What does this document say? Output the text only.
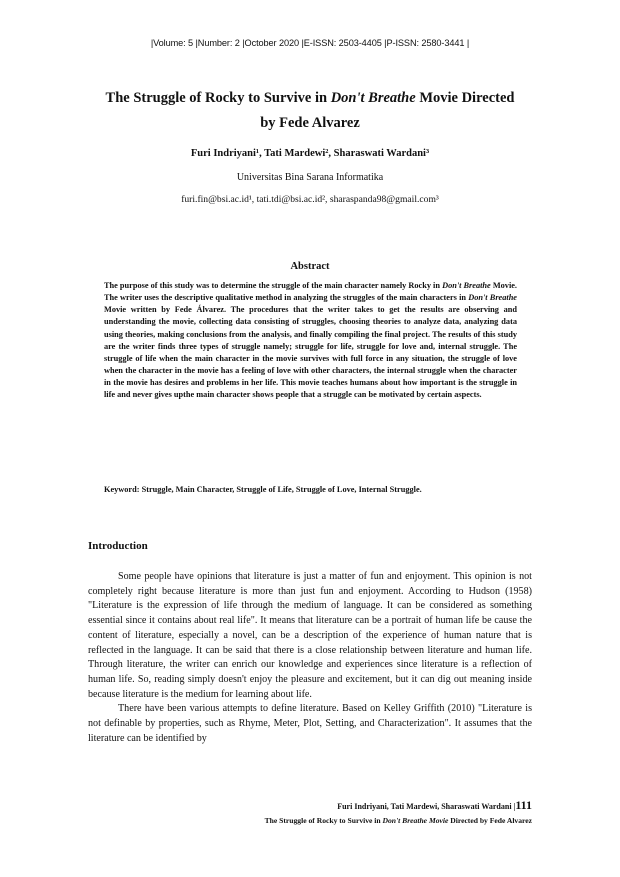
|Volume: 5 |Number: 2 |October 2020 |E-ISSN: 2503-4405 |P-ISSN: 2580-3441 |
The Struggle of Rocky to Survive in Don't Breathe Movie Directed
by Fede Alvarez
Furi Indriyani¹, Tati Mardewi², Sharaswati Wardani³
Universitas Bina Sarana Informatika
furi.fin@bsi.ac.id¹, tati.tdi@bsi.ac.id², sharaspanda98@gmail.com³
Abstract
The purpose of this study was to determine the struggle of the main character namely Rocky in Don't Breathe Movie. The writer uses the descriptive qualitative method in analyzing the struggles of the main characters in Don't Breathe Movie written by Fede Álvarez. The procedures that the writer takes to get the results are observing and understanding the movie, collecting data consisting of struggles, choosing theories to analyze data, analyzing data using theories, making conclusions from the analysis, and finally compiling the final project. The results of this study are the writer finds three types of struggle namely; struggle for life, struggle for love and, internal struggle. The struggle of life when the main character in the movie survives with full force in any situation, the struggle of love when the character in the movie has a feeling of love with other characters, the internal struggle when the character in the movie has desires and problems in her life. This movie teaches humans about how important is the struggle in life and never gives upthe main character shows people that a struggle can be motivated by certain aspects.
Keyword: Struggle, Main Character, Struggle of Life, Struggle of Love, Internal Struggle.
Introduction

Some people have opinions that literature is just a matter of fun and enjoyment. This opinion is not completely right because literature is more than just fun and enjoyment. According to Hudson (1958) "Literature is the expression of life through the medium of language. It can be considered as something essential since it contains about real life". It means that literature can be a portrait of human life be cause the content of literature, especially a novel, can be a description of the experience of human nature that is reflected in the language. It can be said that there is a close relationship between literature and human life. Through literature, the writer can enrich our knowledge and experiences since literature is a reflection of human life. So, reading simply doesn't enjoy the pleasure and excitement, but it can dig out meaning inside because literature is the medium for learning about life.

There have been various attempts to define literature. Based on Kelley Griffith (2010) "Literature is not definable by properties, such as Rhyme, Meter, Plot, Setting, and Characterization". It assumes that the literature can be identified by

Furi Indriyani, Tati Mardewi, Sharaswati Wardani |111
The Struggle of Rocky to Survive in Don't Breathe Movie Directed by Fede Alvarez
